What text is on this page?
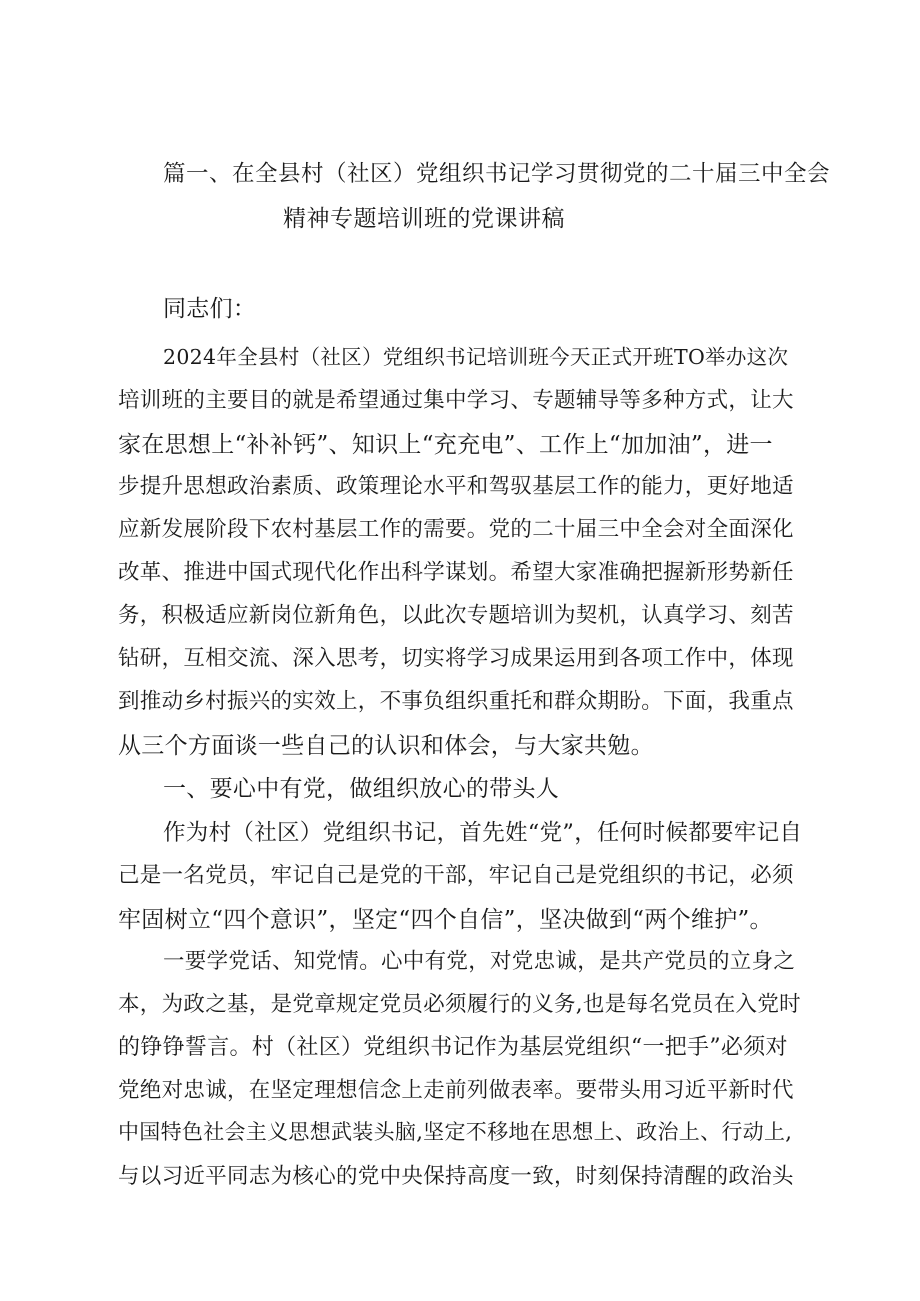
篇一、在全县村（社区）党组织书记学习贯彻党的二十届三中全会
精神专题培训班的党课讲稿
同志们：
2024年全县村（社区）党组织书记培训班今天正式开班TO举办这次
培训班的主要目的就是希望通过集中学习、专题辅导等多种方式，让大
家在思想上“补补钙”、知识上“充充电”、工作上“加加油”，进一
步提升思想政治素质、政策理论水平和驾驭基层工作的能力，更好地适
应新发展阶段下农村基层工作的需要。党的二十届三中全会对全面深化
改革、推进中国式现代化作出科学谋划。希望大家准确把握新形势新任
务，积极适应新岗位新角色，以此次专题培训为契机，认真学习、刻苦
钻研，互相交流、深入思考，切实将学习成果运用到各项工作中，体现
到推动乡村振兴的实效上，不事负组织重托和群众期盼。下面，我重点
从三个方面谈一些自己的认识和体会，与大家共勉。
一、要心中有党，做组织放心的带头人
作为村（社区）党组织书记，首先姓“党”，任何时候都要牢记自
己是一名党员，牢记自己是党的干部，牢记自己是党组织的书记，必须
牢固树立“四个意识”，坚定“四个自信”，坚决做到“两个维护”。
一要学党话、知党情。心中有党，对党忠诚，是共产党员的立身之
本，为政之基，是党章规定党员必须履行的义务,也是每名党员在入党时
的铮铮誓言。村（社区）党组织书记作为基层党组织“一把手”必须对
党绝对忠诚，在坚定理想信念上走前列做表率。要带头用习近平新时代
中国特色社会主义思想武装头脑,坚定不移地在思想上、政治上、行动上,
与以习近平同志为核心的党中央保持高度一致，时刻保持清醒的政治头
